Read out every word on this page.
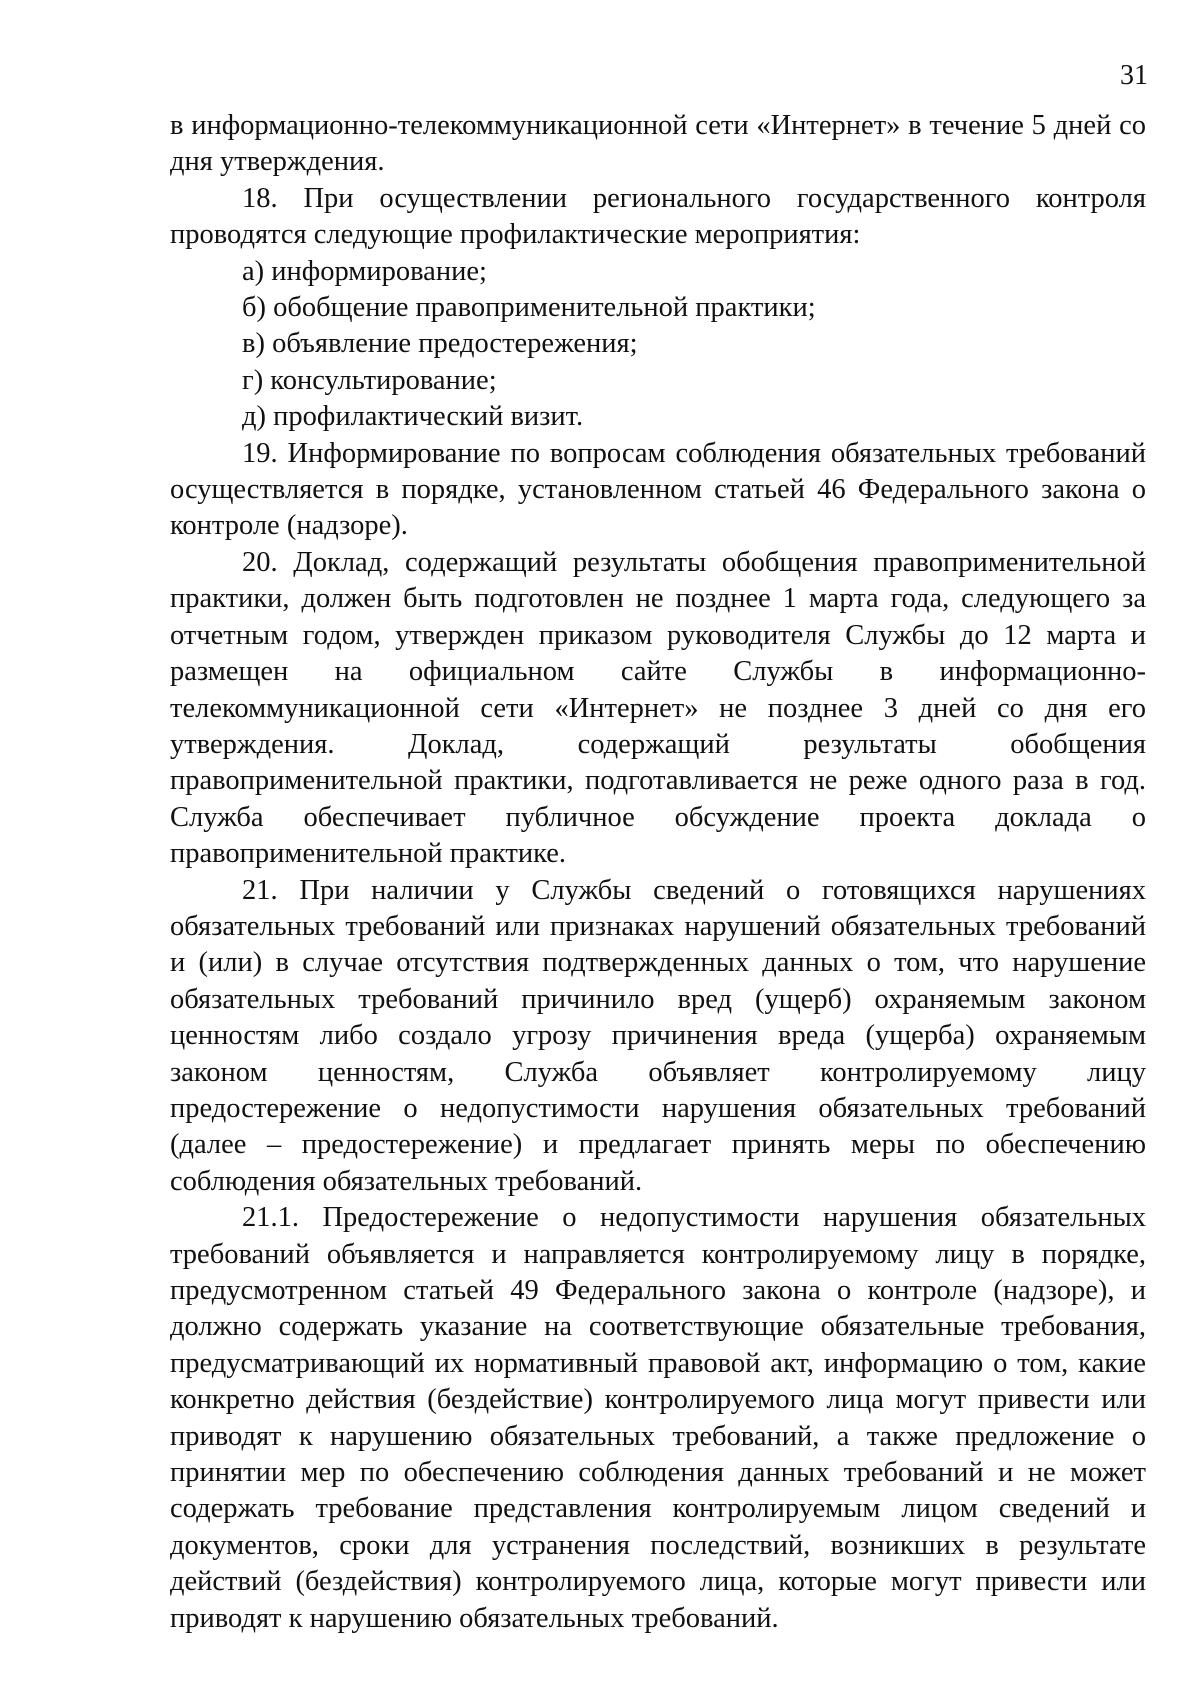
31

в информационно-телекоммуникационной сети «Интернет» в течение 5 дней со дня утверждения.

18. При осуществлении регионального государственного контроля проводятся следующие профилактические мероприятия:

а) информирование;

б) обобщение правоприменительной практики;

в) объявление предостережения;

г) консультирование;

д) профилактический визит.

19. Информирование по вопросам соблюдения обязательных требований осуществляется в порядке, установленном статьей 46 Федерального закона о контроле (надзоре).

20. Доклад, содержащий результаты обобщения правоприменительной практики, должен быть подготовлен не позднее 1 марта года, следующего за отчетным годом, утвержден приказом руководителя Службы до 12 марта и размещен на официальном сайте Службы в информационно-телекоммуникационной сети «Интернет» не позднее 3 дней со дня его утверждения. Доклад, содержащий результаты обобщения правоприменительной практики, подготавливается не реже одного раза в год. Служба обеспечивает публичное обсуждение проекта доклада о правоприменительной практике.

21. При наличии у Службы сведений о готовящихся нарушениях обязательных требований или признаках нарушений обязательных требований и (или) в случае отсутствия подтвержденных данных о том, что нарушение обязательных требований причинило вред (ущерб) охраняемым законом ценностям либо создало угрозу причинения вреда (ущерба) охраняемым законом ценностям, Служба объявляет контролируемому лицу предостережение о недопустимости нарушения обязательных требований (далее – предостережение) и предлагает принять меры по обеспечению соблюдения обязательных требований.

21.1. Предостережение о недопустимости нарушения обязательных требований объявляется и направляется контролируемому лицу в порядке, предусмотренном статьей 49 Федерального закона о контроле (надзоре), и должно содержать указание на соответствующие обязательные требования, предусматривающий их нормативный правовой акт, информацию о том, какие конкретно действия (бездействие) контролируемого лица могут привести или приводят к нарушению обязательных требований, а также предложение о принятии мер по обеспечению соблюдения данных требований и не может содержать требование представления контролируемым лицом сведений и документов, сроки для устранения последствий, возникших в результате действий (бездействия) контролируемого лица, которые могут привести или приводят к нарушению обязательных требований.
